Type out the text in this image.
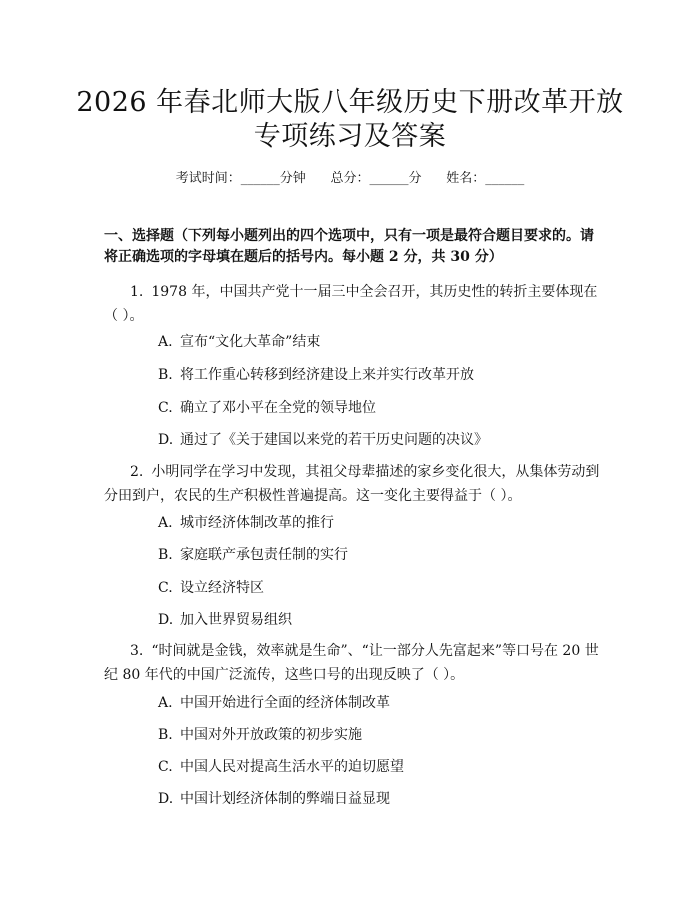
2026 年春北师大版八年级历史下册改革开放
专项练习及答案
考试时间：______分钟      总分：______分      姓名：______
一、选择题（下列每小题列出的四个选项中，只有一项是最符合题目要求的。请将正确选项的字母填在题后的括号内。每小题 2 分，共 30 分）
1. 1978 年，中国共产党十一届三中全会召开，其历史性的转折主要体现在（ ）。
A. 宣布“文化大革命”结束
B. 将工作重心转移到经济建设上来并实行改革开放
C. 确立了邓小平在全党的领导地位
D. 通过了《关于建国以来党的若干历史问题的决议》
2. 小明同学在学习中发现，其祖父母辈描述的家乡变化很大，从集体劳动到分田到户，农民的生产积极性普遍提高。这一变化主要得益于（ ）。
A. 城市经济体制改革的推行
B. 家庭联产承包责任制的实行
C. 设立经济特区
D. 加入世界贸易组织
3. “时间就是金钱，效率就是生命”、“让一部分人先富起来”等口号在 20 世纪 80 年代的中国广泛流传，这些口号的出现反映了（ ）。
A. 中国开始进行全面的经济体制改革
B. 中国对外开放政策的初步实施
C. 中国人民对提高生活水平的迫切愿望
D. 中国计划经济体制的弊端日益显现
